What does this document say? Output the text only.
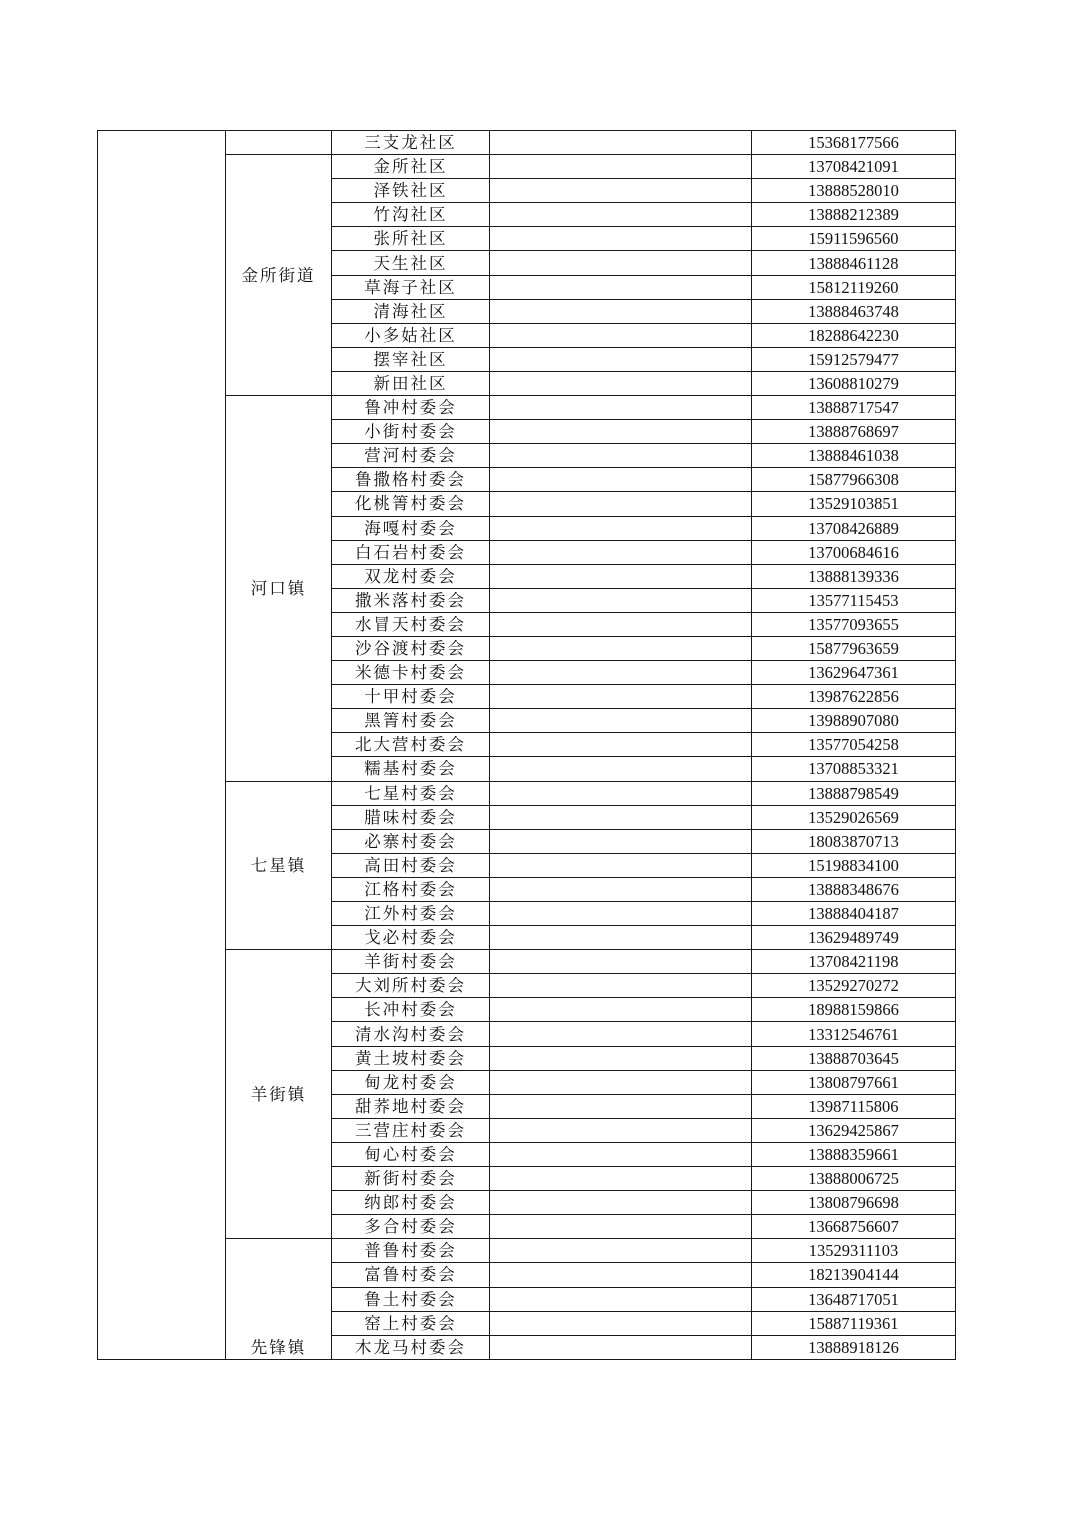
		三支龙社区		15368177566
	金所街道	金所社区		13708421091
		泽铁社区		13888528010
		竹沟社区		13888212389
		张所社区		15911596560
		天生社区		13888461128
		草海子社区		15812119260
		清海社区		13888463748
		小多姑社区		18288642230
		摆宰社区		15912579477
		新田社区		13608810279
	河口镇	鲁冲村委会		13888717547
		小街村委会		13888768697
		营河村委会		13888461038
		鲁撒格村委会		15877966308
		化桃箐村委会		13529103851
		海嘎村委会		13708426889
		白石岩村委会		13700684616
		双龙村委会		13888139336
		撒米落村委会		13577115453
		水冒天村委会		13577093655
		沙谷渡村委会		15877963659
		米德卡村委会		13629647361
		十甲村委会		13987622856
		黑箐村委会		13988907080
		北大营村委会		13577054258
		糯基村委会		13708853321
	七星镇	七星村委会		13888798549
		腊味村委会		13529026569
		必寨村委会		18083870713
		高田村委会		15198834100
		江格村委会		13888348676
		江外村委会		13888404187
		戈必村委会		13629489749
	羊街镇	羊街村委会		13708421198
		大刘所村委会		13529270272
		长冲村委会		18988159866
		清水沟村委会		13312546761
		黄土坡村委会		13888703645
		甸龙村委会		13808797661
		甜荞地村委会		13987115806
		三营庄村委会		13629425867
		甸心村委会		13888359661
		新街村委会		13888006725
		纳郎村委会		13808796698
		多合村委会		13668756607
	先锋镇	普鲁村委会		13529311103
		富鲁村委会		18213904144
		鲁土村委会		13648717051
		窑上村委会		15887119361
		木龙马村委会		13888918126
